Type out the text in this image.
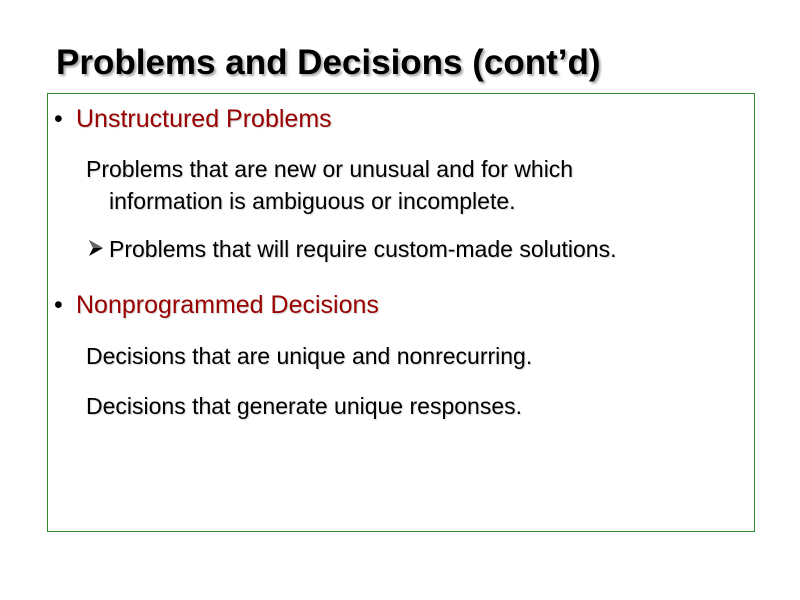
Problems and Decisions (cont’d)
• Unstructured Problems
Problems that are new or unusual and for which
information is ambiguous or incomplete.
Problems that will require custom-made solutions.
• Nonprogrammed Decisions
Decisions that are unique and nonrecurring.
Decisions that generate unique responses.
